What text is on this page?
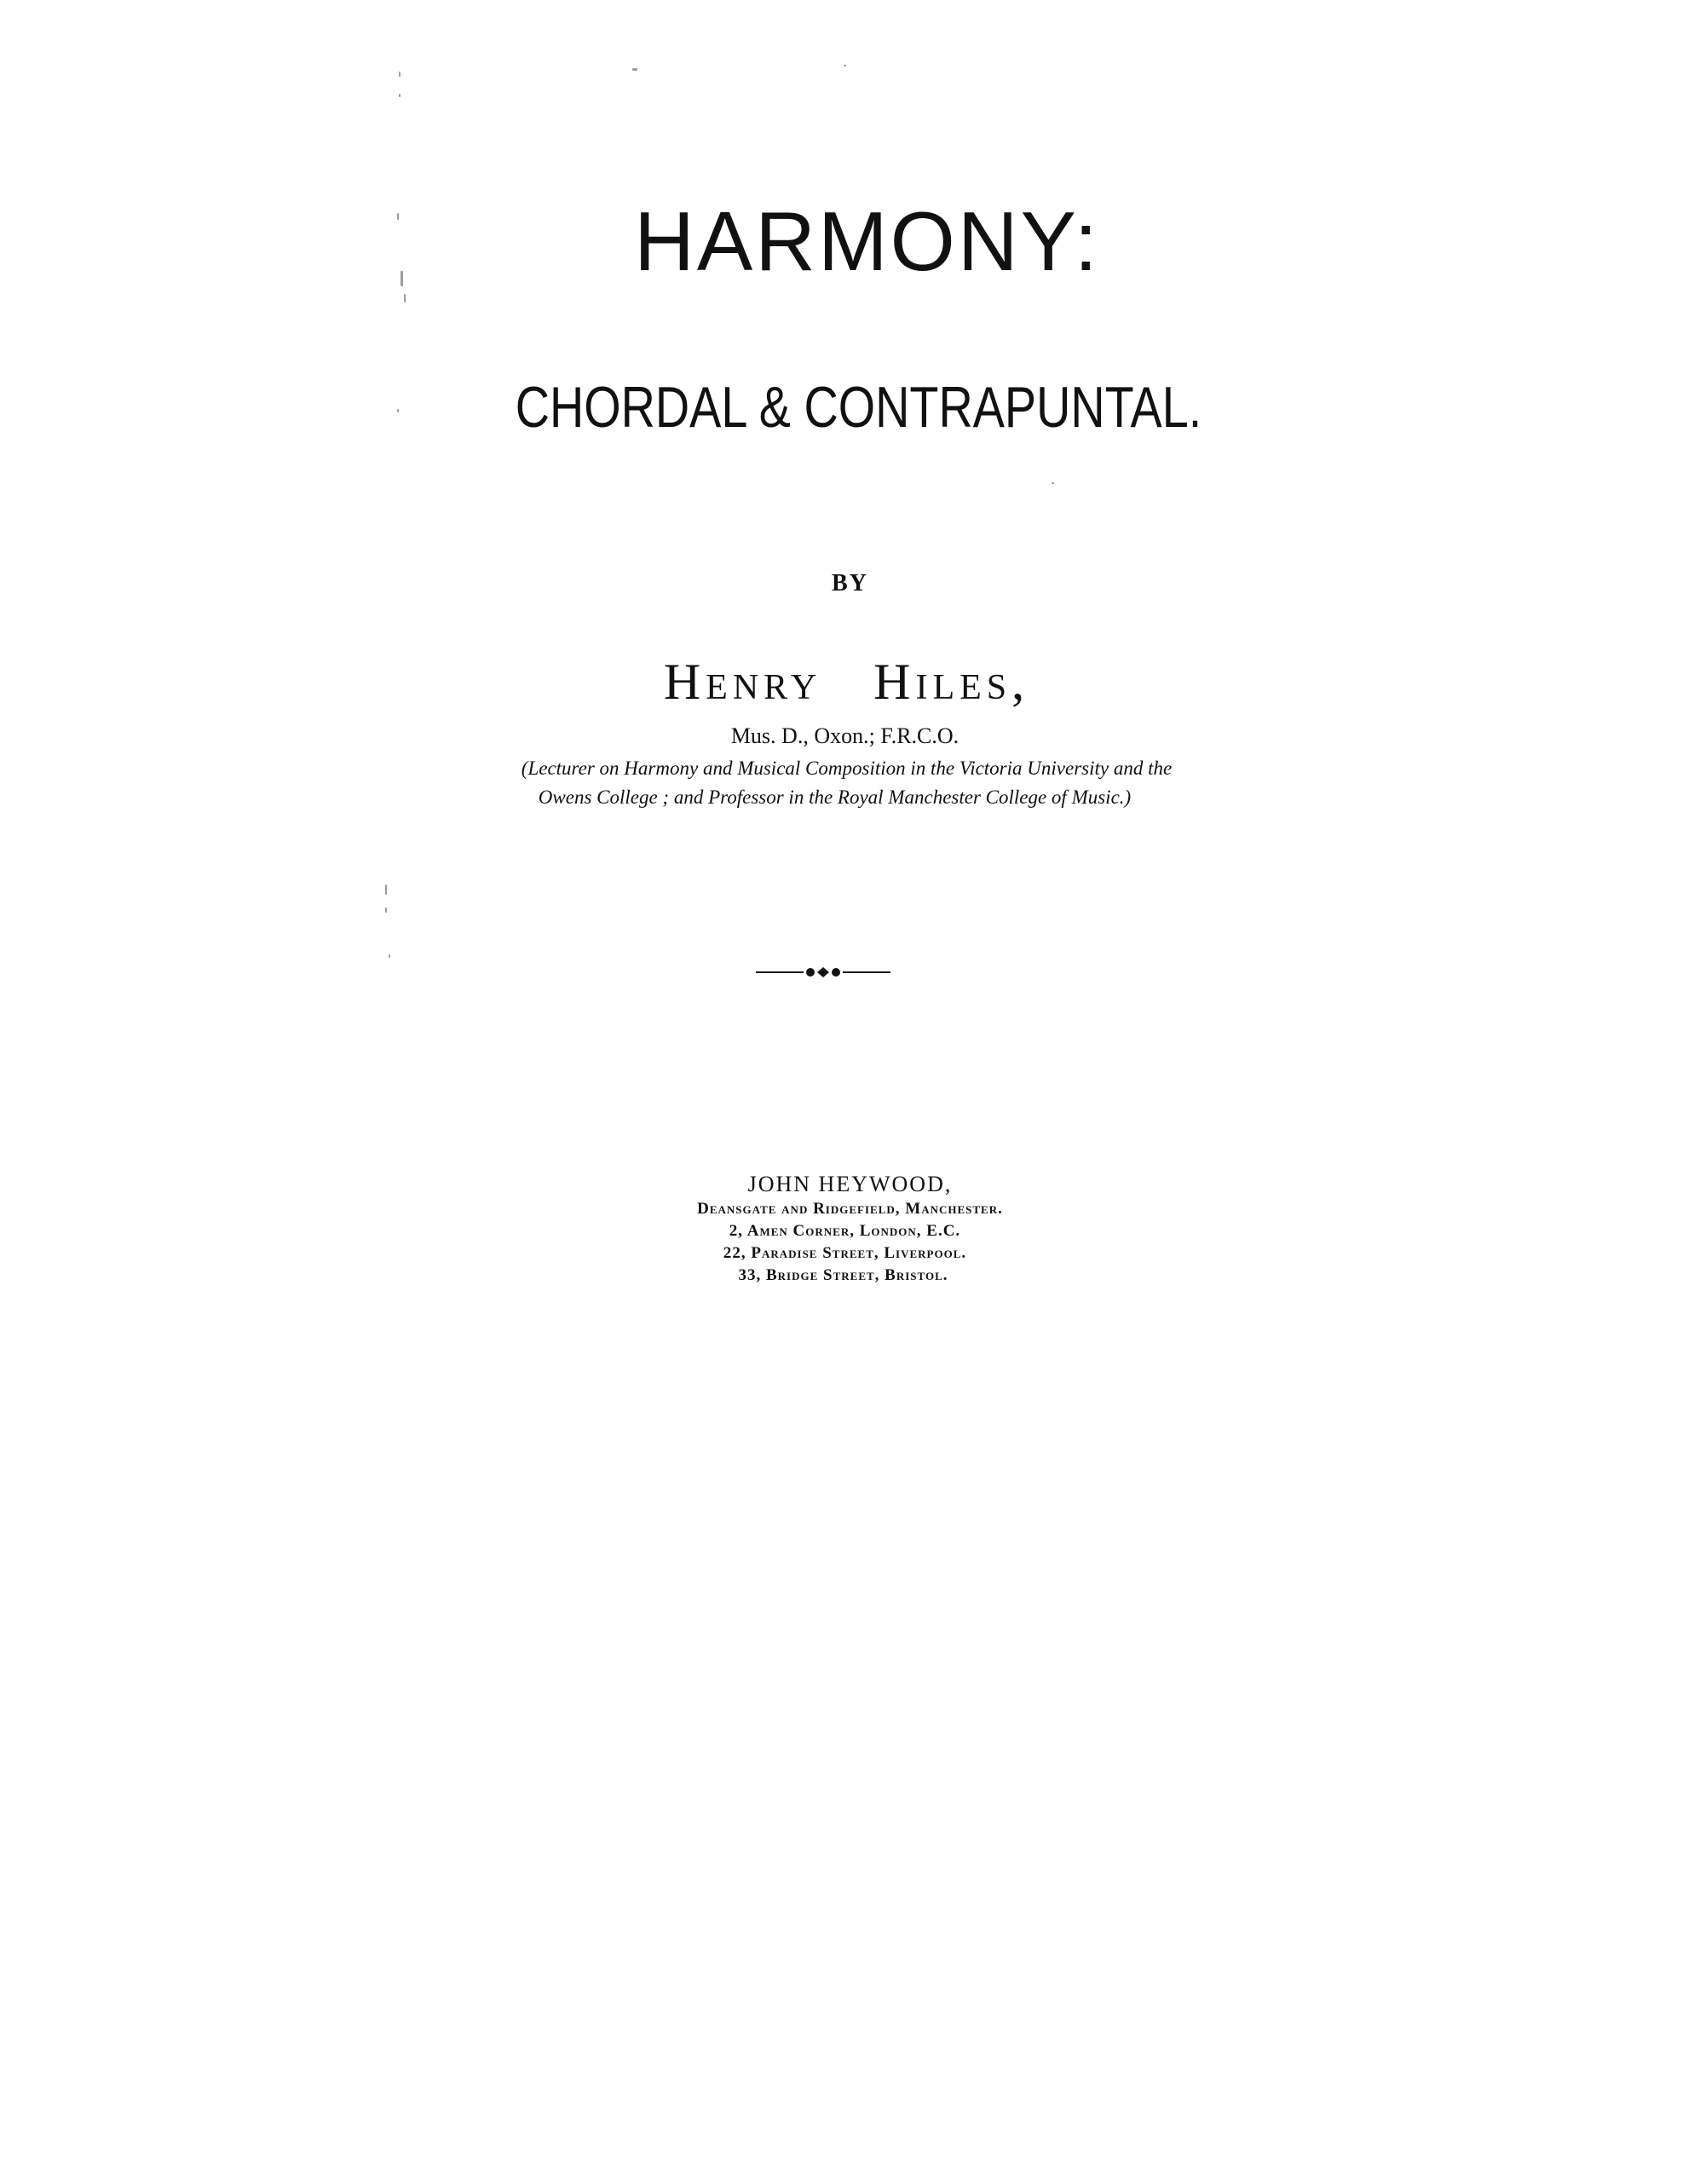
HARMONY:
CHORDAL & CONTRAPUNTAL.
BY
Henry Hiles,
Mus. D., Oxon.; F.R.C.O.
(Lecturer on Harmony and Musical Composition in the Victoria University and the
Owens College ; and Professor in the Royal Manchester College of Music.)
JOHN HEYWOOD,
Deansgate and Ridgefield, Manchester.
2, Amen Corner, London, E.C.
22, Paradise Street, Liverpool.
33, Bridge Street, Bristol.
